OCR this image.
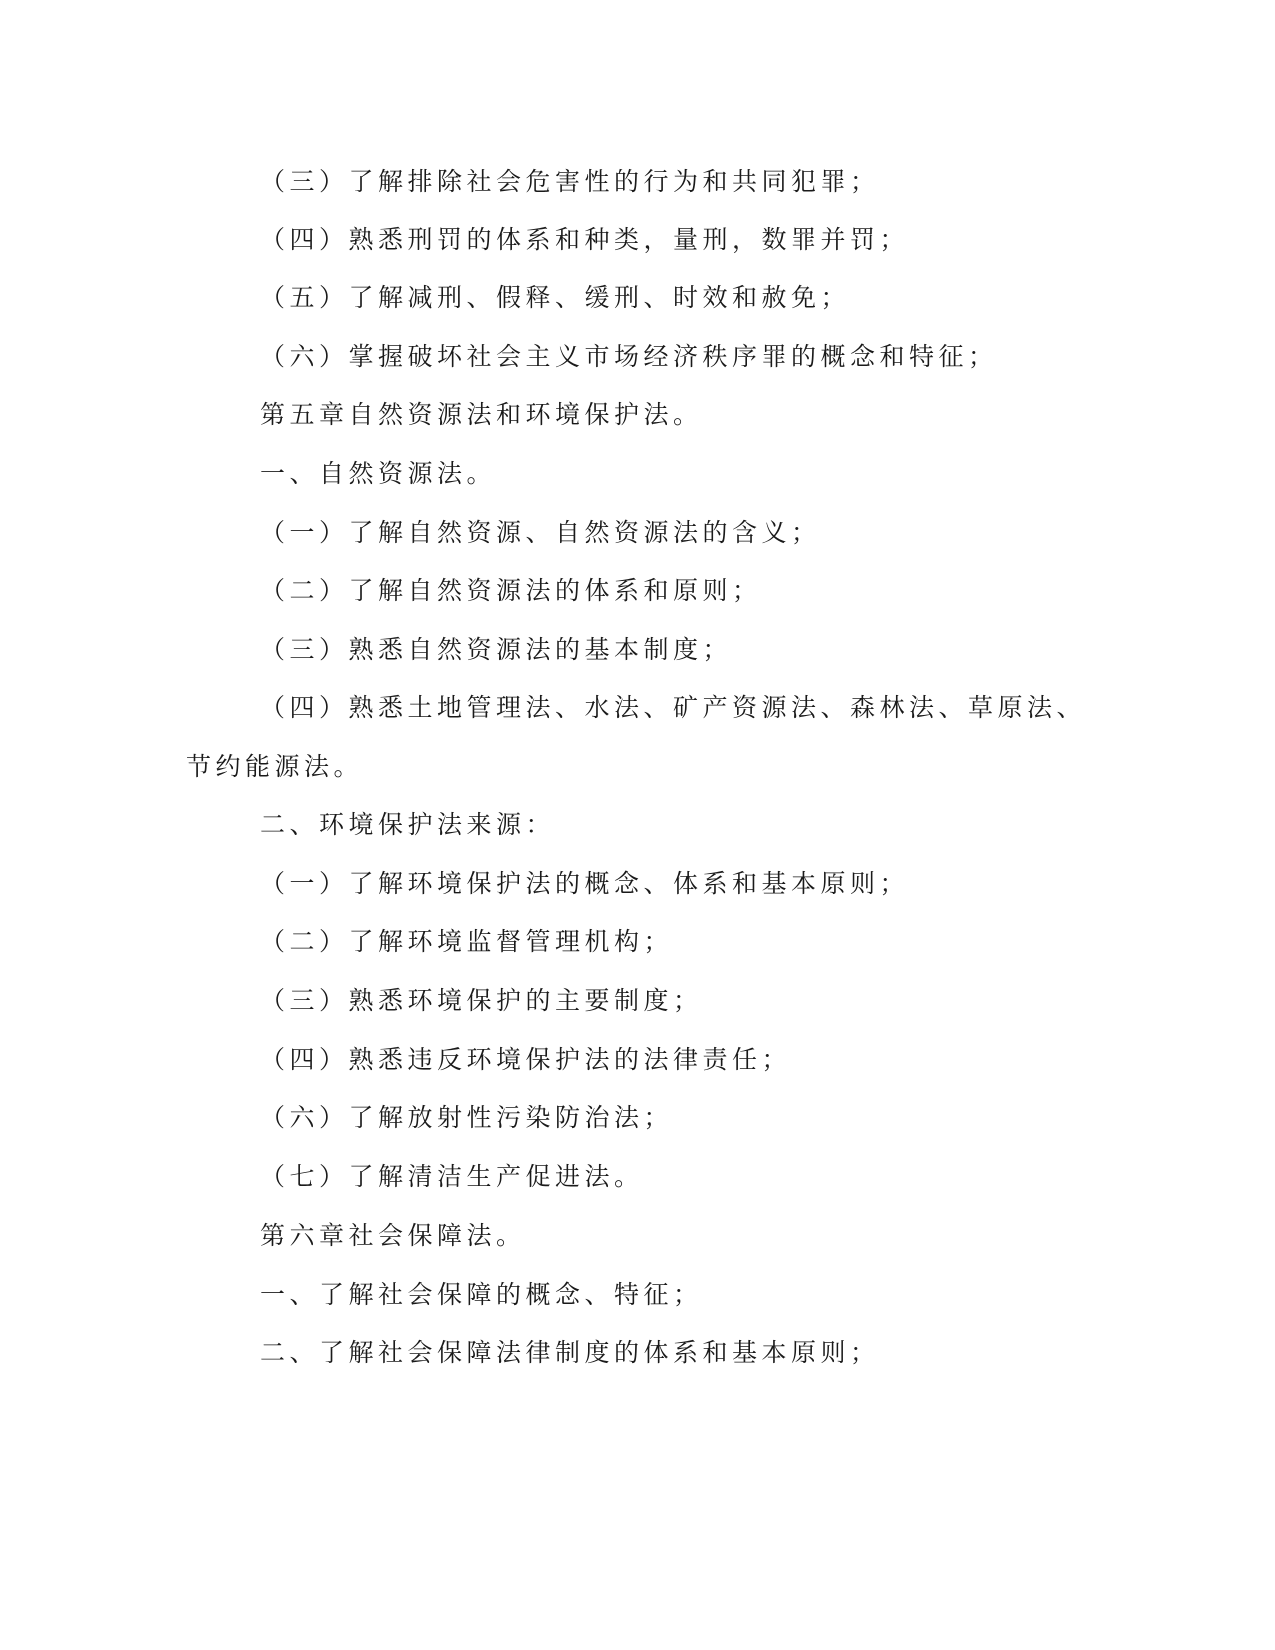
（三）了解排除社会危害性的行为和共同犯罪；

（四）熟悉刑罚的体系和种类，量刑，数罪并罚；

（五）了解减刑、假释、缓刑、时效和赦免；

（六）掌握破坏社会主义市场经济秩序罪的概念和特征；

第五章自然资源法和环境保护法。

一、自然资源法。

（一）了解自然资源、自然资源法的含义；

（二）了解自然资源法的体系和原则；

（三）熟悉自然资源法的基本制度；

（四）熟悉土地管理法、水法、矿产资源法、森林法、草原法、

节约能源法。

二、环境保护法来源：

（一）了解环境保护法的概念、体系和基本原则；

（二）了解环境监督管理机构；

（三）熟悉环境保护的主要制度；

（四）熟悉违反环境保护法的法律责任；

（六）了解放射性污染防治法；

（七）了解清洁生产促进法。

第六章社会保障法。

一、了解社会保障的概念、特征；

二、了解社会保障法律制度的体系和基本原则；
